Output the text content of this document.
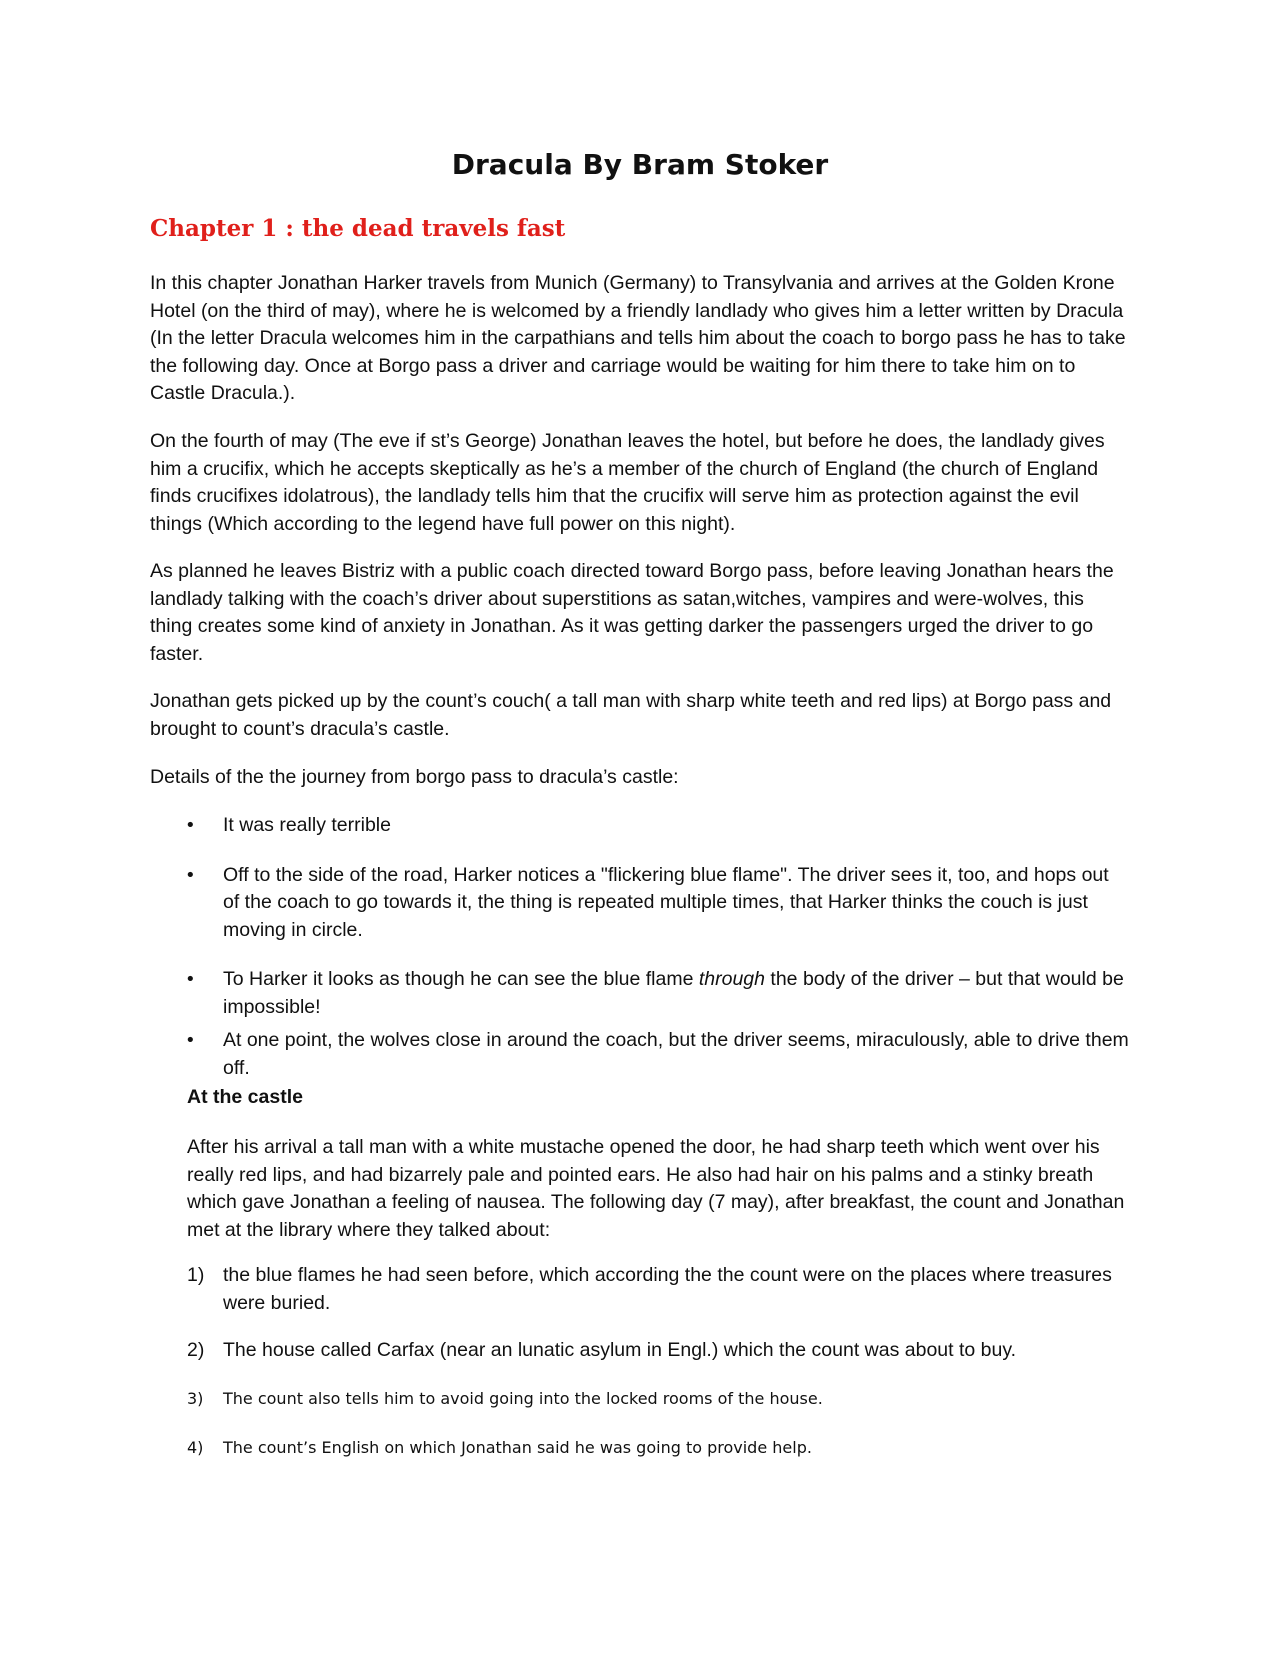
Dracula By Bram Stoker
Chapter 1 : the dead travels fast

In this chapter Jonathan Harker travels from Munich (Germany) to Transylvania and arrives at the Golden Krone Hotel (on the third of may), where he is welcomed by a friendly landlady who gives him a letter written by Dracula (In the letter Dracula welcomes him in the carpathians and tells him about the coach to borgo pass he has to take the following day. Once at Borgo pass a driver and carriage would be waiting for him there to take him on to Castle Dracula.).

On the fourth of may (The eve if st’s George) Jonathan leaves the hotel, but before he does, the landlady gives him a crucifix, which he accepts skeptically as he’s a member of the church of England (the church of England finds crucifixes idolatrous), the landlady tells him that the crucifix will serve him as protection against the evil things (Which according to the legend have full power on this night).

As planned he leaves Bistriz with a public coach directed toward Borgo pass, before leaving Jonathan hears the landlady talking with the coach’s driver about superstitions as satan,witches, vampires and were-wolves, this thing creates some kind of anxiety in Jonathan. As it was getting darker the passengers urged the driver to go faster.

Jonathan gets picked up by the count’s couch( a tall man with sharp white teeth and red lips) at Borgo pass and brought to count’s dracula’s castle.

Details of the the journey from borgo pass to dracula’s castle:

• It was really terrible
• Off to the side of the road, Harker notices a "flickering blue flame". The driver sees it, too, and hops out of the coach to go towards it, the thing is repeated multiple times, that Harker thinks the couch is just moving in circle.
• To Harker it looks as though he can see the blue flame through the body of the driver – but that would be impossible!
• At one point, the wolves close in around the coach, but the driver seems, miraculously, able to drive them off.
At the castle

After his arrival a tall man with a white mustache opened the door, he had sharp teeth which went over his really red lips, and had bizarrely pale and pointed ears. He also had hair on his palms and a stinky breath which gave Jonathan a feeling of nausea. The following day (7 may), after breakfast, the count and Jonathan met at the library where they talked about:

1) the blue flames he had seen before, which according the the count were on the places where treasures were buried.
2) The house called Carfax (near an lunatic asylum in Engl.) which the count was about to buy.
3) The count also tells him to avoid going into the locked rooms of the house.
4) The count’s English on which Jonathan said he was going to provide help.
